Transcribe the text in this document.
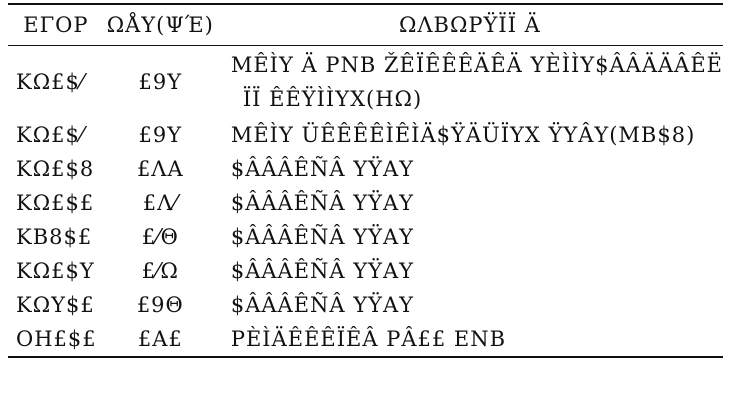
ΕΓΟΡ	ΩÅΥ(ΨΈ)	ΩΛΒΩΡΫΪΪ Ä
ΚΩ£$⁄	£9Υ	ΜÊÌΥ Ä ΡΝΒ ŽÊÏÊÊÊÄÊÄ ΥÈÌÌΥ$ÂÂÄÄÂÊË
ÏÏ ÊÊΫÌÌΥΧ(ΗΩ)

ΚΩ£$⁄	£9Υ	ΜÊÌΥ ÜÊÊÊÊÌÊÌÄ$ΫÄÜÏΥΧ ΫΥÂΥ(ΜΒ$8)
ΚΩ£$8	£ΛΑ	$ÂÂÂÊÑÂ ΥΫΑΥ
ΚΩ£$£	£Λ⁄	$ÂÂÂÊÑÂ ΥΫΑΥ
ΚΒ8$£	£⁄Θ	$ÂÂÂÊÑÂ ΥΫΑΥ
ΚΩ£$Υ	£⁄Ω	$ÂÂÂÊÑÂ ΥΫΑΥ
ΚΩΥ$£	£9Θ	$ÂÂÂÊÑÂ ΥΫΑΥ
ΟΗ£$£	£Α£	ΡÈÌÄÊÊÊÏÊÂ ΡÂ££ ΕΝΒ
